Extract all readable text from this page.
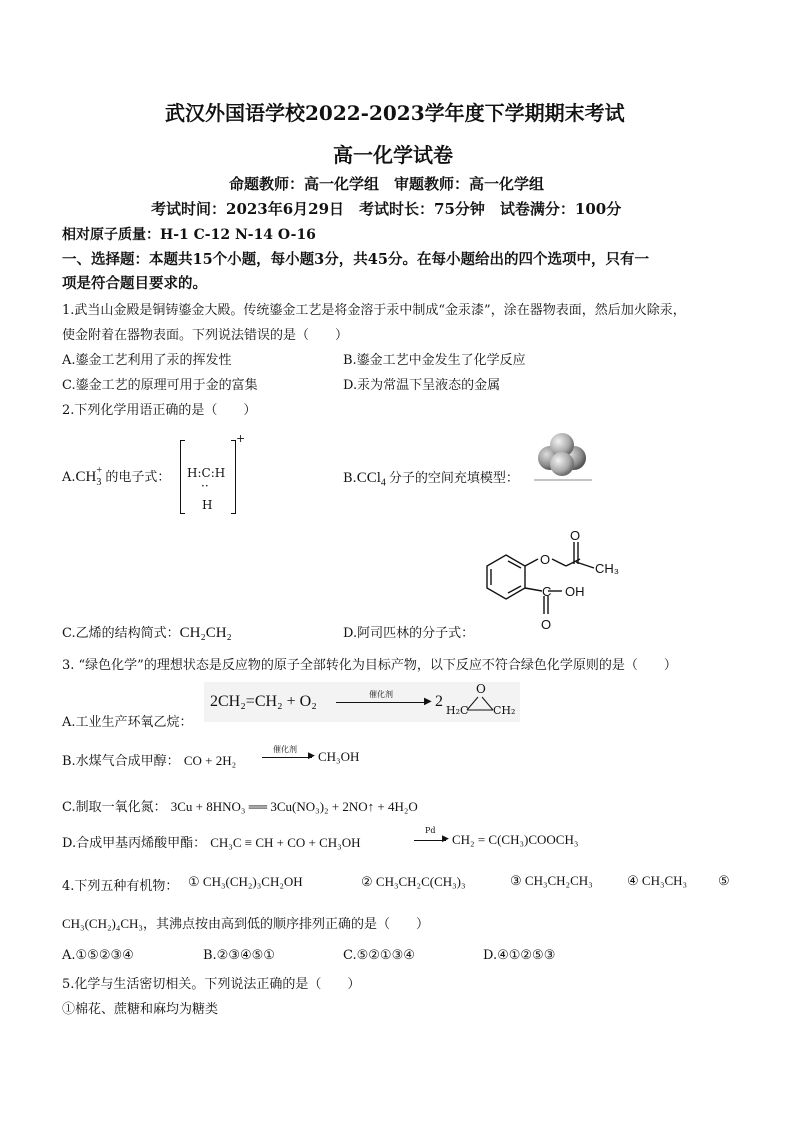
武汉外国语学校2022-2023学年度下学期期末考试
高一化学试卷
命题教师：高一化学组　审题教师：高一化学组
考试时间：2023年6月29日　考试时长：75分钟　试卷满分：100分
相对原子质量：H-1 C-12 N-14 O-16
一、选择题：本题共15个小题，每小题3分，共45分。在每小题给出的四个选项中，只有一
项是符合题目要求的。
1.武当山金殿是铜铸鎏金大殿。传统鎏金工艺是将金溶于汞中制成“金汞漆”，涂在器物表面，然后加火除汞，
使金附着在器物表面。下列说法错误的是（　　）
A.鎏金工艺利用了汞的挥发性	B.鎏金工艺中金发生了化学反应
C.鎏金工艺的原理可用于金的富集	D.汞为常温下呈液态的金属
2.下列化学用语正确的是（　　）
$A.CH_3$
+ 的电子式：
+
H:C:H
··
H
B.CCl$_4$ 分子的空间充填模型：
C.乙烯的结构简式：CH₂CH₂	D.阿司匹林的分子式：
O
O
CH₃
C OH
O
3. “绿色化学”的理想状态是反应物的原子全部转化为目标产物，以下反应不符合绿色化学原则的是（　　）
A.工业生产环氧乙烷：
2CH₂=CH₂ + O₂	催化剂
▶ 2
O
H₂C CH₂
B.水煤气合成甲醇： CO + 2H₂
催化剂
▶ CH₃OH
C.制取一氧化氮： 3Cu + 8HNO₃ ══ 3Cu(NO₃)₂ + 2NO↑ + 4H₂O
D.合成甲基丙烯酸甲酯： CH₃C ≡ CH + CO + CH₃OH
Pd
▶ CH₂ = C(CH₃)COOCH₃
4.下列五种有机物： ① CH₃(CH₂)₃CH₂OH	② CH₃CH₂C(CH₃)₃	③ CH₃CH₂CH₃	④ CH₃CH₃ ⑤
CH₃(CH₂)₄CH₃，其沸点按由高到低的顺序排列正确的是（　　）
A.①⑤②③④	B.②③④⑤①	C.⑤②①③④	D.④①②⑤③
5.化学与生活密切相关。下列说法正确的是（　　）
①棉花、蔗糖和麻均为糖类
